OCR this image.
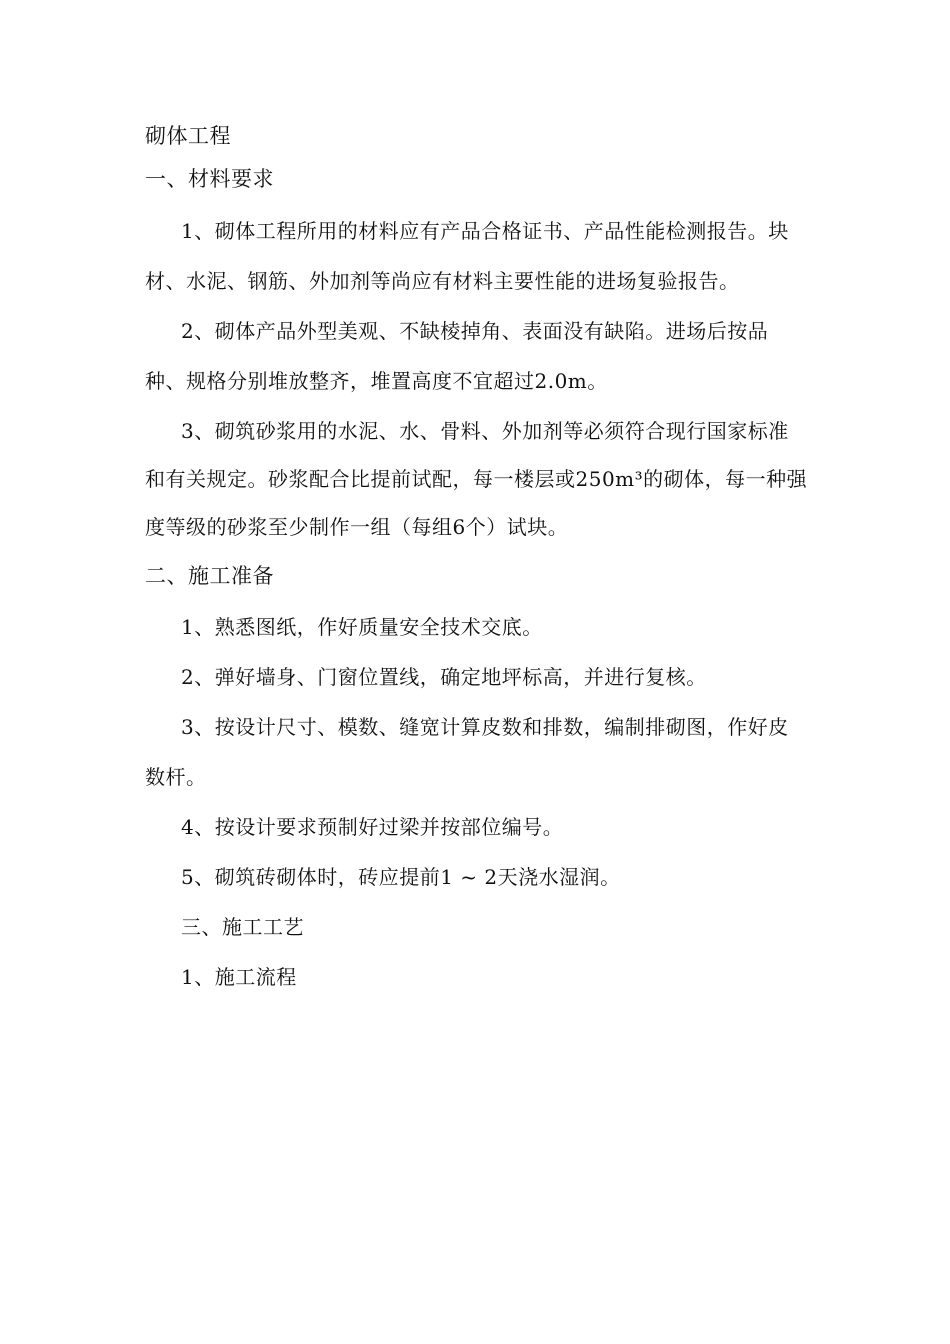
砌体工程
一、材料要求
1、砌体工程所用的材料应有产品合格证书、产品性能检测报告。块
材、水泥、钢筋、外加剂等尚应有材料主要性能的进场复验报告。
2、砌体产品外型美观、不缺棱掉角、表面没有缺陷。进场后按品
种、规格分别堆放整齐，堆置高度不宜超过2.0m。
3、砌筑砂浆用的水泥、水、骨料、外加剂等必须符合现行国家标准
和有关规定。砂浆配合比提前试配，每一楼层或250m³的砌体，每一种强
度等级的砂浆至少制作一组（每组6个）试块。
二、施工准备
1、熟悉图纸，作好质量安全技术交底。
2、弹好墙身、门窗位置线，确定地坪标高，并进行复核。
3、按设计尺寸、模数、缝宽计算皮数和排数，编制排砌图，作好皮
数杆。
4、按设计要求预制好过梁并按部位编号。
5、砌筑砖砌体时，砖应提前1 ~ 2天浇水湿润。
三、施工工艺
1、施工流程
